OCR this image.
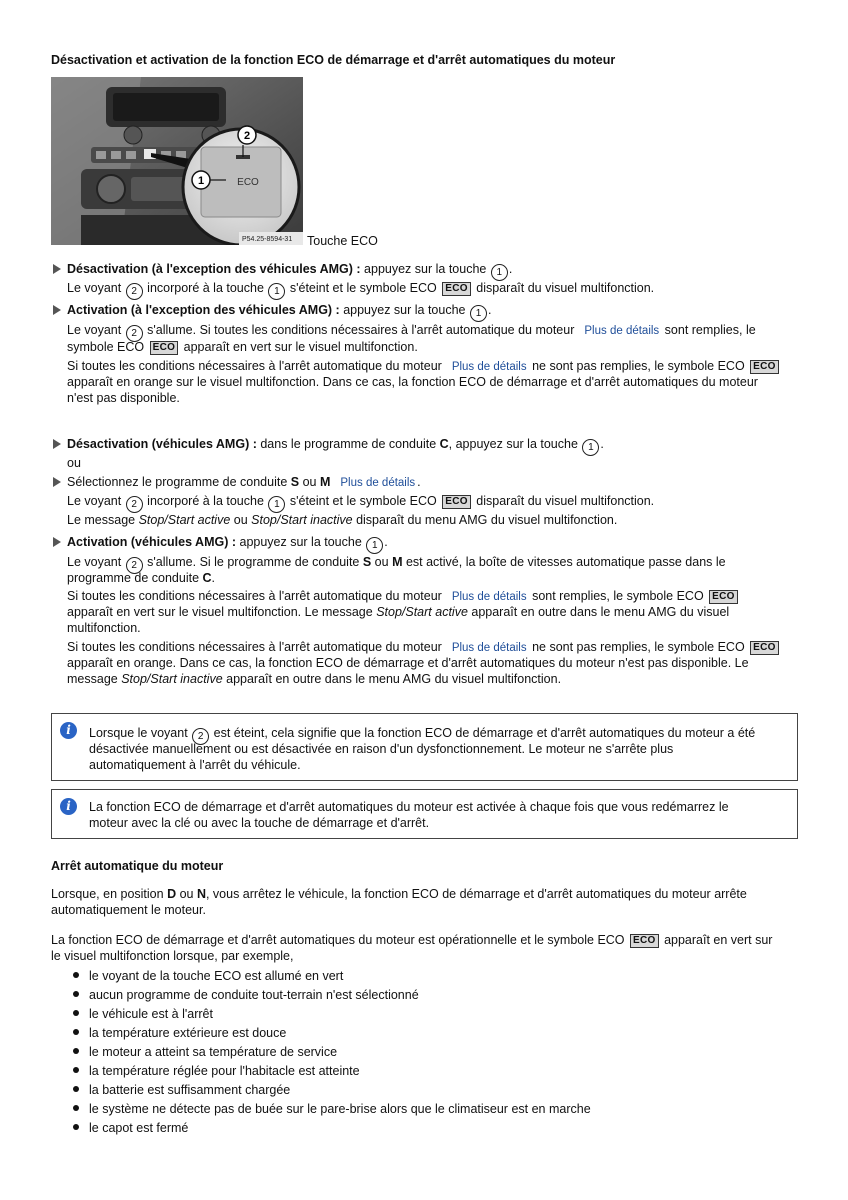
Désactivation et activation de la fonction ECO de démarrage et d'arrêt automatiques du moteur
ECO
2
1
P54.25-8594-31 Touche ECO
Désactivation (à l'exception des véhicules AMG) : appuyez sur la touche 1 .
Le voyant 2 incorporé à la touche 1 s'éteint et le symbole ECO ECO disparaît du visuel multifonction.
Activation (à l'exception des véhicules AMG) : appuyez sur la touche 1 .
Le voyant 2 s'allume. Si toutes les conditions nécessaires à l'arrêt automatique du moteur Plus de détails sont remplies, le
symbole ECO ECO apparaît en vert sur le visuel multifonction.
Si toutes les conditions nécessaires à l'arrêt automatique du moteur Plus de détails ne sont pas remplies, le symbole ECO ECO
apparaît en orange sur le visuel multifonction. Dans ce cas, la fonction ECO de démarrage et d'arrêt automatiques du moteur
n'est pas disponible.
Désactivation (véhicules AMG) : dans le programme de conduite C, appuyez sur la touche 1 .
ou
Sélectionnez le programme de conduite S ou M Plus de détails .
Le voyant 2 incorporé à la touche 1 s'éteint et le symbole ECO ECO disparaît du visuel multifonction.
Le message Stop/Start active ou Stop/Start inactive disparaît du menu AMG du visuel multifonction.
Activation (véhicules AMG) : appuyez sur la touche 1 .
Le voyant 2 s'allume. Si le programme de conduite S ou M est activé, la boîte de vitesses automatique passe dans le
programme de conduite C.
Si toutes les conditions nécessaires à l'arrêt automatique du moteur Plus de détails sont remplies, le symbole ECO ECO
apparaît en vert sur le visuel multifonction. Le message Stop/Start active apparaît en outre dans le menu AMG du visuel
multifonction.
Si toutes les conditions nécessaires à l'arrêt automatique du moteur Plus de détails ne sont pas remplies, le symbole ECO ECO
apparaît en orange. Dans ce cas, la fonction ECO de démarrage et d'arrêt automatiques du moteur n'est pas disponible. Le
message Stop/Start inactive apparaît en outre dans le menu AMG du visuel multifonction.
i	Lorsque le voyant 2 est éteint, cela signifie que la fonction ECO de démarrage et d'arrêt automatiques du moteur a été
désactivée manuellement ou est désactivée en raison d'un dysfonctionnement. Le moteur ne s'arrête plus
automatiquement à l'arrêt du véhicule.
i	La fonction ECO de démarrage et d'arrêt automatiques du moteur est activée à chaque fois que vous redémarrez le
moteur avec la clé ou avec la touche de démarrage et d'arrêt.
Arrêt automatique du moteur
Lorsque, en position D ou N, vous arrêtez le véhicule, la fonction ECO de démarrage et d'arrêt automatiques du moteur arrête
automatiquement le moteur.
La fonction ECO de démarrage et d'arrêt automatiques du moteur est opérationnelle et le symbole ECO ECO apparaît en vert sur
le visuel multifonction lorsque, par exemple,
le voyant de la touche ECO est allumé en vert
aucun programme de conduite tout-terrain n'est sélectionné
le véhicule est à l'arrêt
la température extérieure est douce
le moteur a atteint sa température de service
la température réglée pour l'habitacle est atteinte
la batterie est suffisamment chargée
le système ne détecte pas de buée sur le pare-brise alors que le climatiseur est en marche
le capot est fermé
